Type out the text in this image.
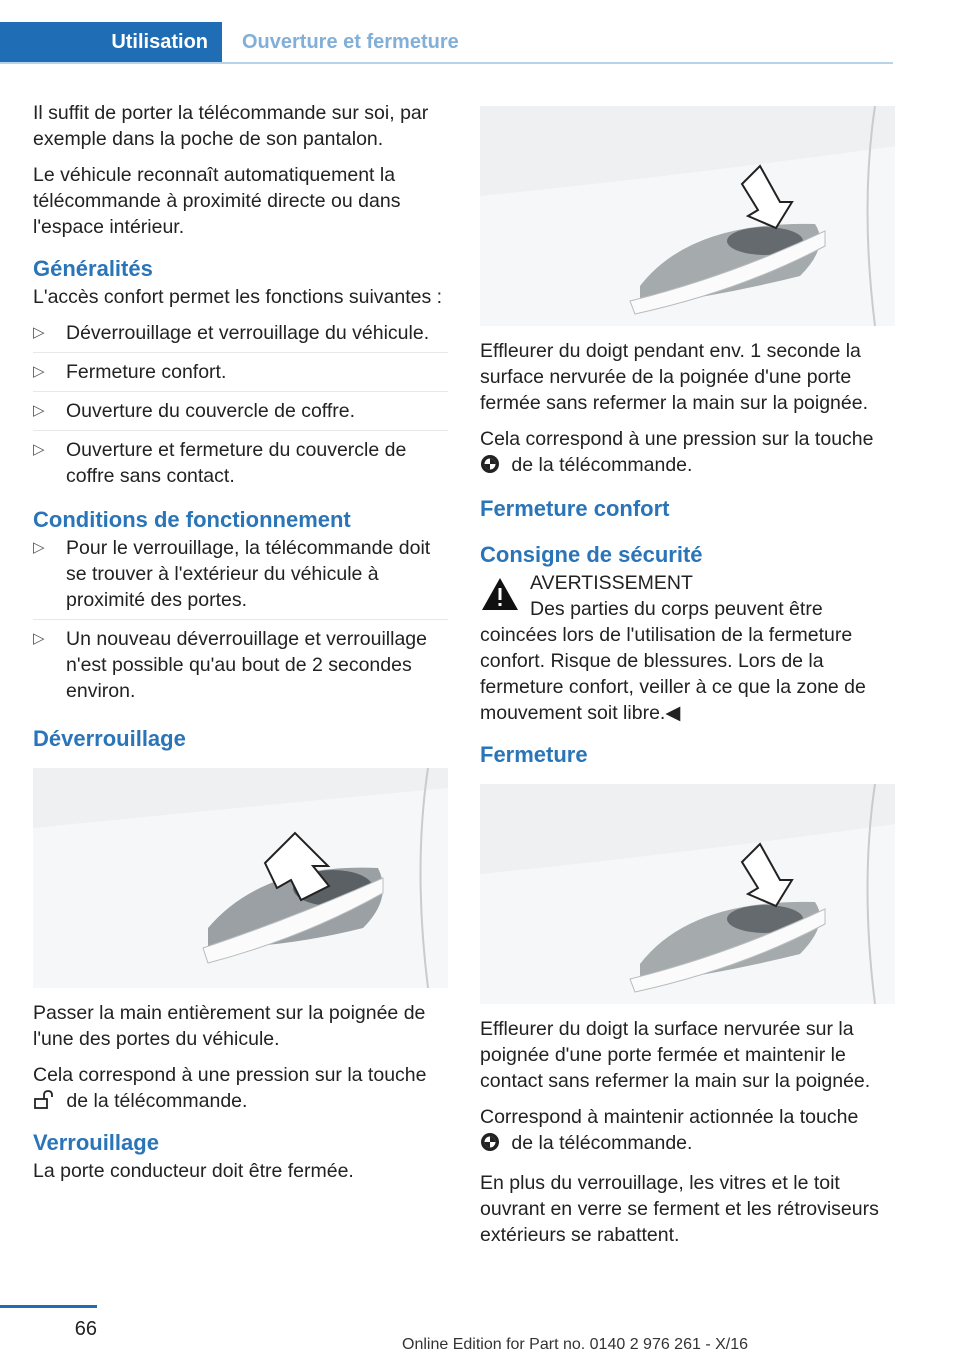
Utilisation	Ouverture et fermeture

Il suffit de porter la télécommande sur soi, par exemple dans la poche de son pantalon.

Le véhicule reconnaît automatiquement la télécommande à proximité directe ou dans l'espace intérieur.

Généralités

L'accès confort permet les fonctions suivantes :

▷ Déverrouillage et verrouillage du véhicule.
▷ Fermeture confort.
▷ Ouverture du couvercle de coffre.
▷ Ouverture et fermeture du couvercle de coffre sans contact.
Conditions de fonctionnement
▷ Pour le verrouillage, la télécommande doit se trouver à l'extérieur du véhicule à proximité des portes.
▷ Un nouveau déverrouillage et verrouillage n'est possible qu'au bout de 2 secondes environ.
Déverrouillage

Passer la main entièrement sur la poignée de l'une des portes du véhicule.

Cela correspond à une pression sur la touche
de la télécommande.

Verrouillage

La porte conducteur doit être fermée.

Effleurer du doigt pendant env. 1 seconde la surface nervurée de la poignée d'une porte fermée sans refermer la main sur la poignée.

Cela correspond à une pression sur la touche
de la télécommande.

Fermeture confort
Consigne de sécurité

AVERTISSEMENT

Des parties du corps peuvent être coincées lors de l'utilisation de la fermeture confort. Risque de blessures. Lors de la fermeture confort, veiller à ce que la zone de mouvement soit libre.◀

Fermeture

Effleurer du doigt la surface nervurée sur la poignée d'une porte fermée et maintenir le contact sans refermer la main sur la poignée.

Correspond à maintenir actionnée la touche
de la télécommande.

En plus du verrouillage, les vitres et le toit ouvrant en verre se ferment et les rétroviseurs extérieurs se rabattent.

66
Online Edition for Part no. 0140 2 976 261 - X/16
